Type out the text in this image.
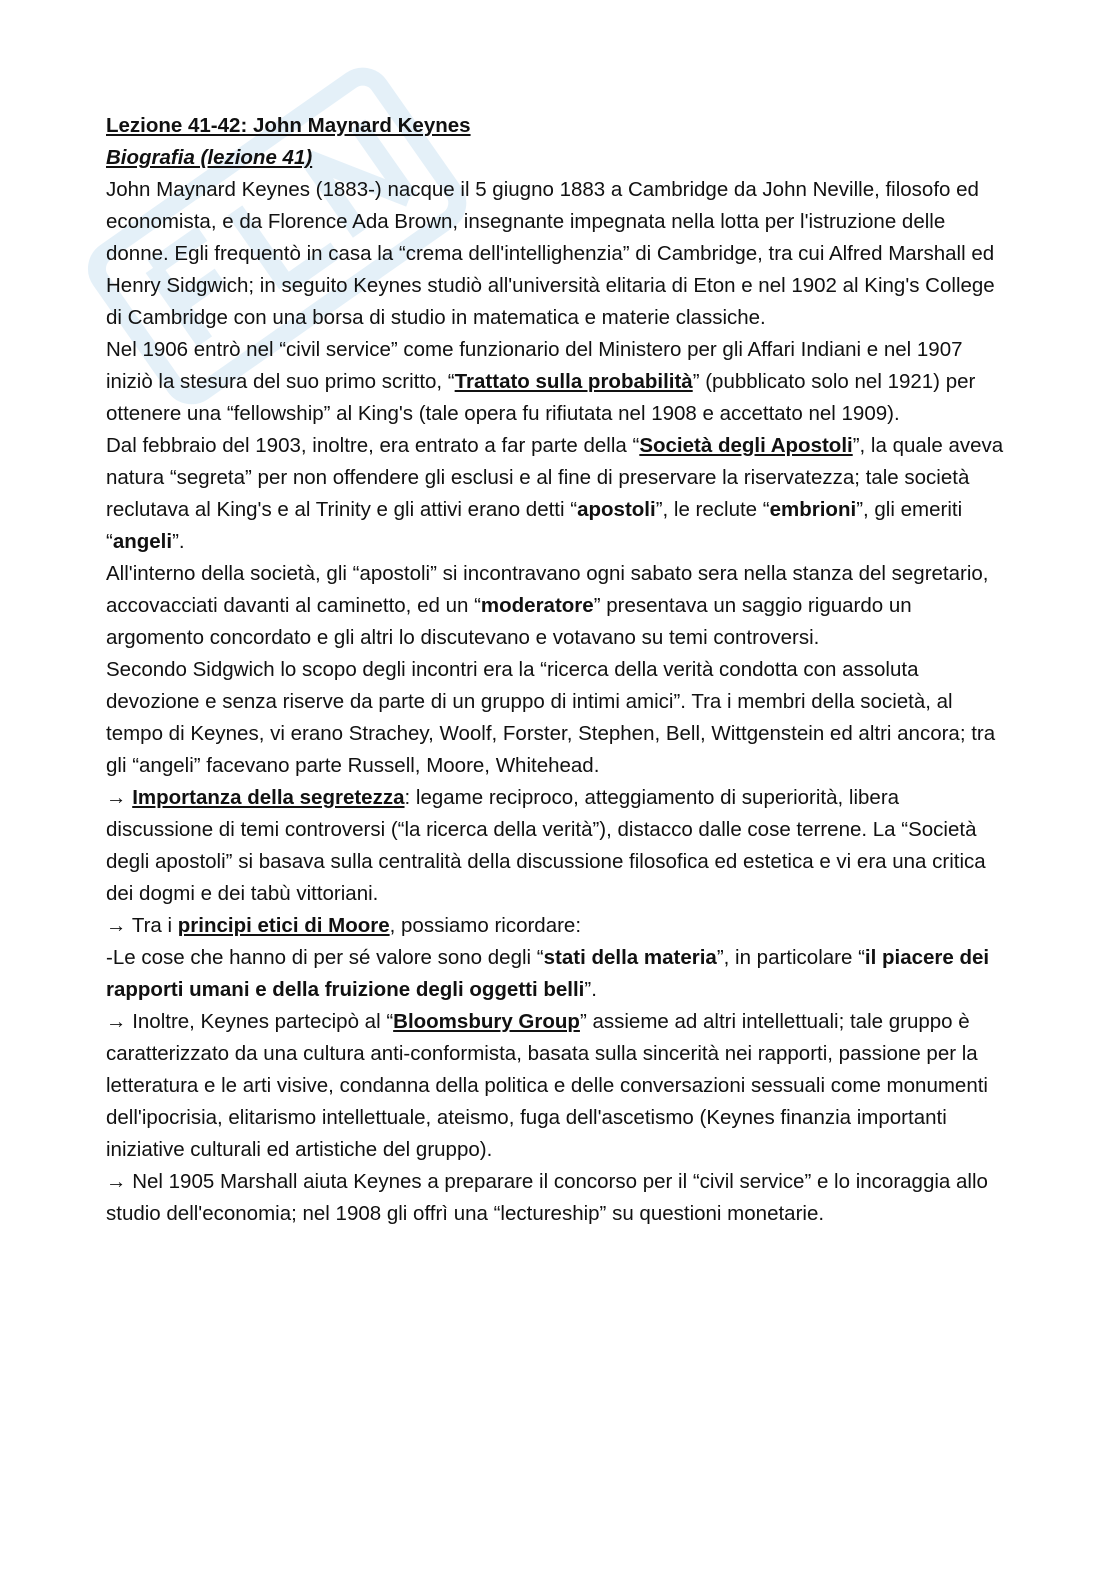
Lezione 41-42: John Maynard Keynes

Biografia (lezione 41)

John Maynard Keynes (1883-) nacque il 5 giugno 1883 a Cambridge da John Neville, filosofo ed economista, e da Florence Ada Brown, insegnante impegnata nella lotta per l'istruzione delle donne. Egli frequentò in casa la “crema dell'intellighenzia” di Cambridge, tra cui Alfred Marshall ed Henry Sidgwich; in seguito Keynes studiò all'università elitaria di Eton e nel 1902 al King's College di Cambridge con una borsa di studio in matematica e materie classiche.

Nel 1906 entrò nel “civil service” come funzionario del Ministero per gli Affari Indiani e nel 1907 iniziò la stesura del suo primo scritto, “Trattato sulla probabilità” (pubblicato solo nel 1921) per ottenere una “fellowship” al King's (tale opera fu rifiutata nel 1908 e accettato nel 1909).

Dal febbraio del 1903, inoltre, era entrato a far parte della “Società degli Apostoli”, la quale aveva natura “segreta” per non offendere gli esclusi e al fine di preservare la riservatezza; tale società reclutava al King's e al Trinity e gli attivi erano detti “apostoli”, le reclute “embrioni”, gli emeriti “angeli”.

All'interno della società, gli “apostoli” si incontravano ogni sabato sera nella stanza del segretario, accovacciati davanti al caminetto, ed un “moderatore” presentava un saggio riguardo un argomento concordato e gli altri lo discutevano e votavano su temi controversi.

Secondo Sidgwich lo scopo degli incontri era la “ricerca della verità condotta con assoluta devozione e senza riserve da parte di un gruppo di intimi amici”. Tra i membri della società, al tempo di Keynes, vi erano Strachey, Woolf, Forster, Stephen, Bell, Wittgenstein ed altri ancora; tra gli “angeli” facevano parte Russell, Moore, Whitehead.

→ Importanza della segretezza: legame reciproco, atteggiamento di superiorità, libera discussione di temi controversi (“la ricerca della verità”), distacco dalle cose terrene. La “Società degli apostoli” si basava sulla centralità della discussione filosofica ed estetica e vi era una critica dei dogmi e dei tabù vittoriani.

→ Tra i principi etici di Moore, possiamo ricordare:

-Le cose che hanno di per sé valore sono degli “stati della materia”, in particolare “il piacere dei rapporti umani e della fruizione degli oggetti belli”.

→ Inoltre, Keynes partecipò al “Bloomsbury Group” assieme ad altri intellettuali; tale gruppo è caratterizzato da una cultura anti-conformista, basata sulla sincerità nei rapporti, passione per la letteratura e le arti visive, condanna della politica e delle conversazioni sessuali come monumenti dell'ipocrisia, elitarismo intellettuale, ateismo, fuga dell'ascetismo (Keynes finanzia importanti iniziative culturali ed artistiche del gruppo).

→ Nel 1905 Marshall aiuta Keynes a preparare il concorso per il “civil service” e lo incoraggia allo studio dell'economia; nel 1908 gli offrì una “lectureship” su questioni monetarie.
